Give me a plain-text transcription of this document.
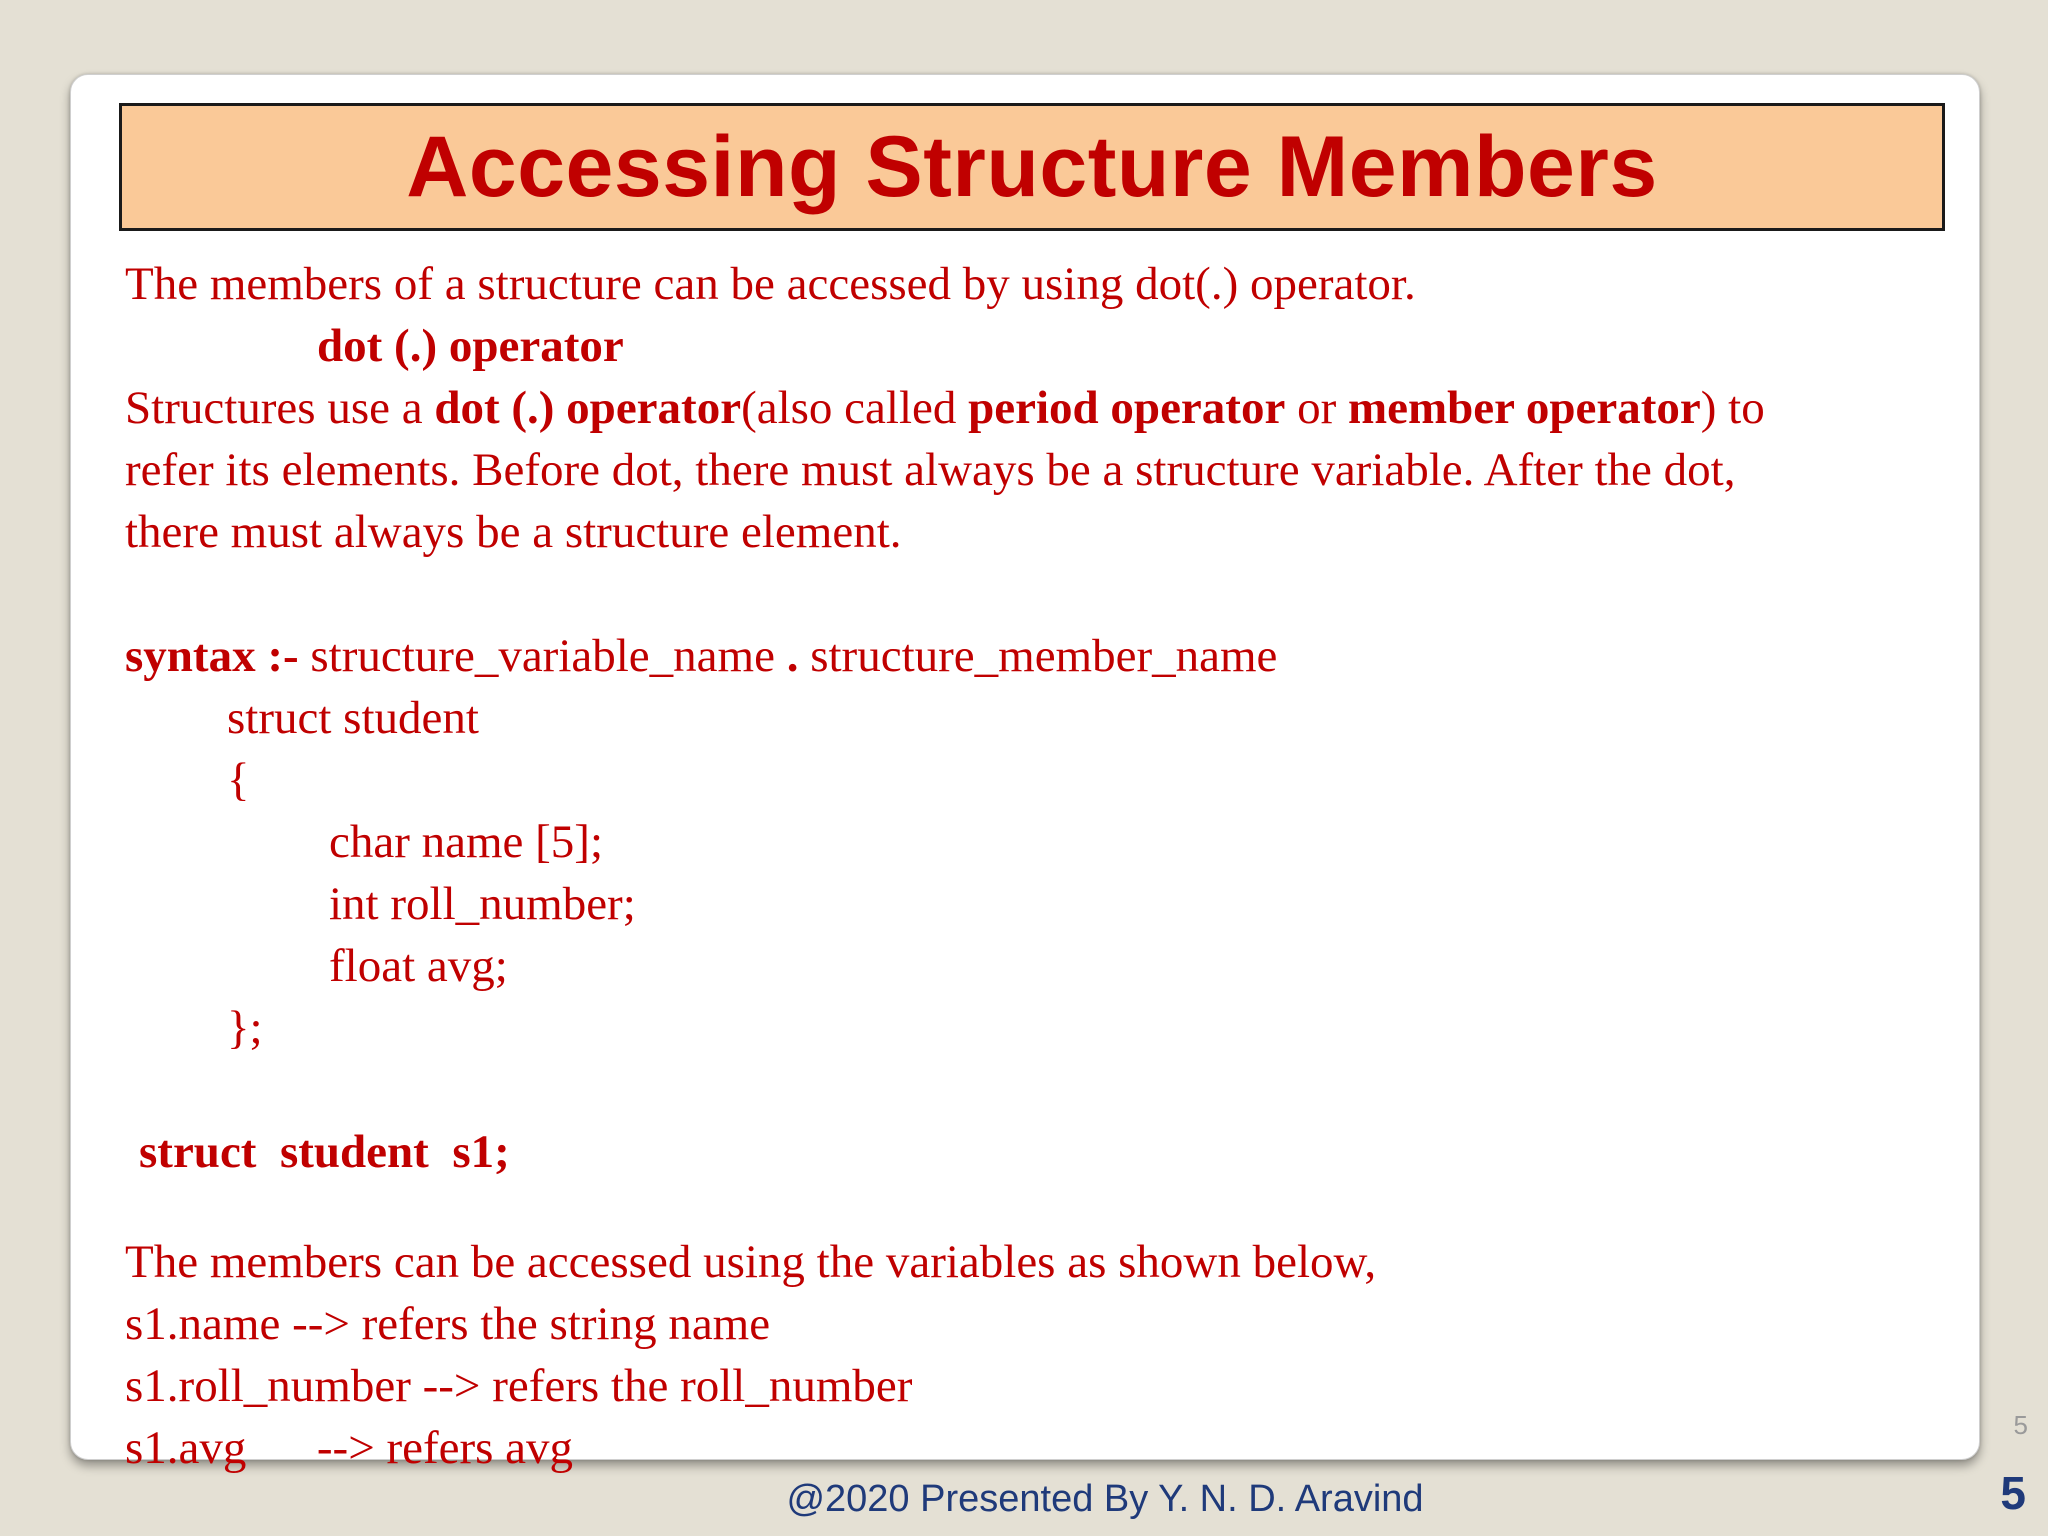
Accessing Structure Members
The members of a structure can be accessed by using dot(.) operator.
dot (.) operator
Structures use a dot (.) operator(also called period operator or member operator) to
refer its elements. Before dot, there must always be a structure variable. After the dot,
there must always be a structure element.
syntax :- structure_variable_name . structure_member_name
struct student
{
char name [5];
int roll_number;
float avg;
};
struct  student  s1;
The members can be accessed using the variables as shown below,
s1.name --> refers the string name
s1.roll_number --> refers the roll_number
s1.avg      --> refers avg	5
@2020 Presented By Y. N. D. Aravind	5
